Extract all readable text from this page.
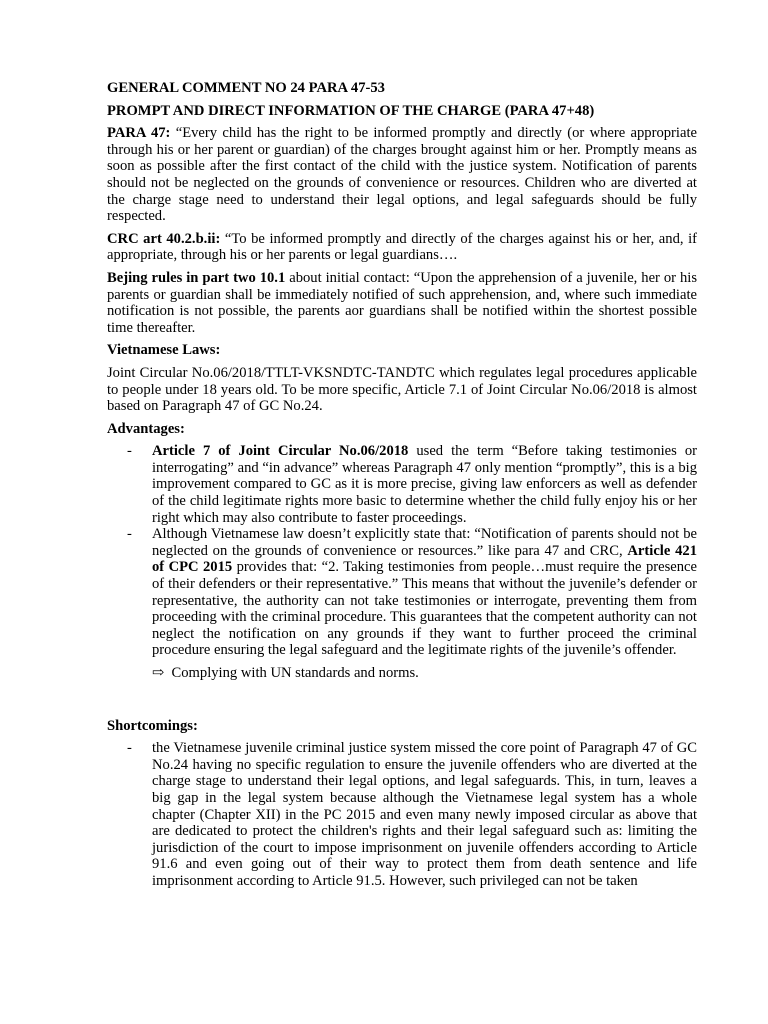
GENERAL COMMENT NO 24 PARA 47-53
PROMPT AND DIRECT INFORMATION OF THE CHARGE (PARA 47+48)

PARA 47: “Every child has the right to be informed promptly and directly (or where appropriate through his or her parent or guardian) of the charges brought against him or her. Promptly means as soon as possible after the first contact of the child with the justice system. Notification of parents should not be neglected on the grounds of convenience or resources. Children who are diverted at the charge stage need to understand their legal options, and legal safeguards should be fully respected.

CRC art 40.2.b.ii: “To be informed promptly and directly of the charges against his or her, and, if appropriate, through his or her parents or legal guardians….

Bejing rules in part two 10.1 about initial contact: “Upon the apprehension of a juvenile, her or his parents or guardian shall be immediately notified of such apprehension, and, where such immediate notification is not possible, the parents aor guardians shall be notified within the shortest possible time thereafter.

Vietnamese Laws:

Joint Circular No.06/2018/TTLT-VKSNDTC-TANDTC which regulates legal procedures applicable to people under 18 years old. To be more specific, Article 7.1 of Joint Circular No.06/2018 is almost based on Paragraph 47 of GC No.24.

Advantages:
- Article 7 of Joint Circular No.06/2018 used the term “Before taking testimonies or interrogating” and “in advance” whereas Paragraph 47 only mention “promptly”, this is a big improvement compared to GC as it is more precise, giving law enforcers as well as defender of the child legitimate rights more basic to determine whether the child fully enjoy his or her right which may also contribute to faster proceedings.
- Although Vietnamese law doesn’t explicitly state that: “Notification of parents should not be neglected on the grounds of convenience or resources.” like para 47 and CRC, Article 421 of CPC 2015 provides that: “2. Taking testimonies from people…must require the presence of their defenders or their representative.” This means that without the juvenile’s defender or representative, the authority can not take testimonies or interrogate, preventing them from proceeding with the criminal procedure. This guarantees that the competent authority can not neglect the notification on any grounds if they want to further proceed the criminal procedure ensuring the legal safeguard and the legitimate rights of the juvenile’s offender.
⇨ Complying with UN standards and norms.
Shortcomings:
- the Vietnamese juvenile criminal justice system missed the core point of Paragraph 47 of GC No.24 having no specific regulation to ensure the juvenile offenders who are diverted at the charge stage to understand their legal options, and legal safeguards. This, in turn, leaves a big gap in the legal system because although the Vietnamese legal system has a whole chapter (Chapter XII) in the PC 2015 and even many newly imposed circular as above that are dedicated to protect the children's rights and their legal safeguard such as: limiting the jurisdiction of the court to impose imprisonment on juvenile offenders according to Article 91.6 and even going out of their way to protect them from death sentence and life imprisonment according to Article 91.5. However, such privileged can not be taken
